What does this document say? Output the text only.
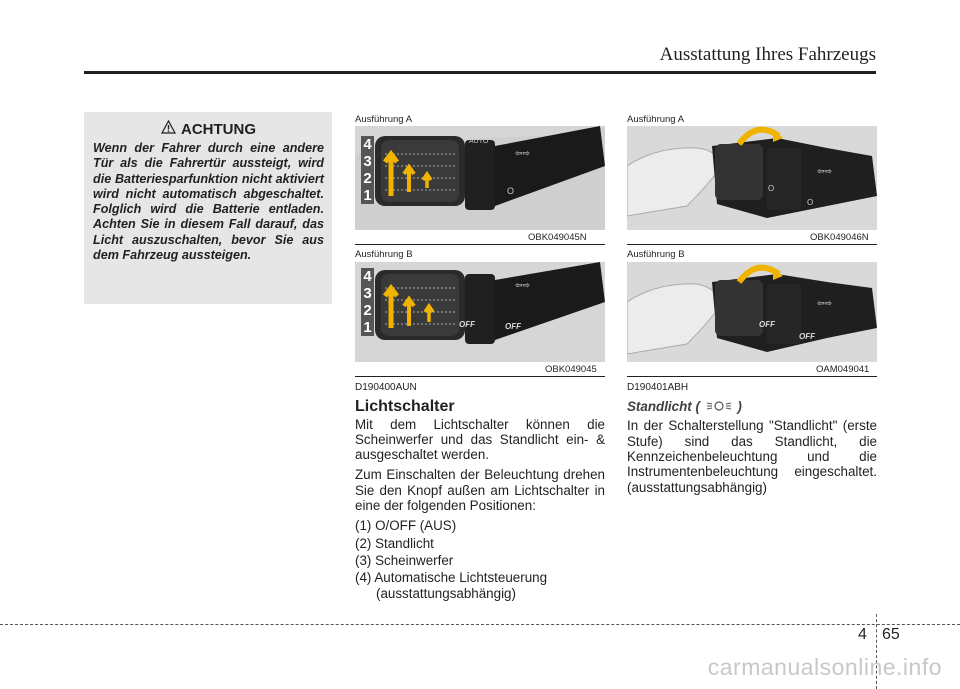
Ausstattung Ihres Fahrzeugs
ACHTUNG
Wenn der Fahrer durch eine andere Tür als die Fahrertür aussteigt, wird die Batteriesparfunktion nicht aktiviert wird nicht automatisch abgeschaltet. Folglich wird die Batterie entladen. Achten Sie in diesem Fall darauf, das Licht auszuschalten, bevor Sie aus dem Fahrzeug aussteigen.
Ausführung A
⇦⇨
4
3
2
1
AUTO
O
OBK049045N
Ausführung B
⇦⇨
4
3
2
1	OFF	OFF
OBK049045
Ausführung A
⇦⇨
O
O
OBK049046N
Ausführung B
⇦⇨
OFF
OFF
OAM049041
D190400AUN
Lichtschalter
Mit dem Lichtschalter können die Scheinwerfer und das Standlicht ein- & ausgeschaltet werden.
Zum Einschalten der Beleuchtung drehen Sie den Knopf außen am Lichtschalter in eine der folgenden Positionen:
(1) O/OFF (AUS)
(2) Standlicht
(3) Scheinwerfer
(4) Automatische Lichtsteuerung
(ausstattungsabhängig)
D190401ABH
Standlicht (	)
In der Schalterstellung "Standlicht" (erste Stufe) sind das Standlicht, die Kennzeichenbeleuchtung und die Instrumentenbeleuchtung eingeschaltet. (ausstattungsabhängig)
4 65
carmanualsonline.info
